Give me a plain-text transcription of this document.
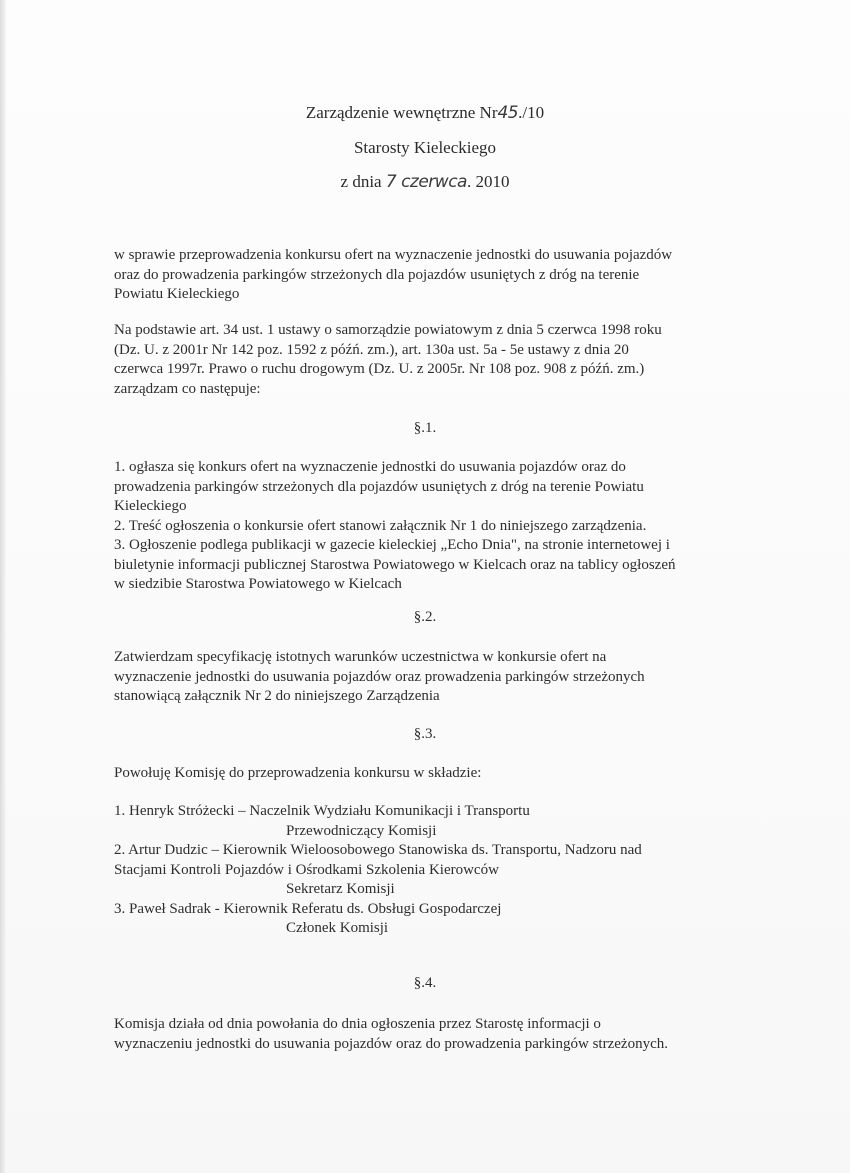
Zarządzenie wewnętrzne Nr45./10
Starosty Kieleckiego
z dnia 7 czerwca. 2010
w sprawie przeprowadzenia konkursu ofert na wyznaczenie jednostki do usuwania pojazdów
oraz do prowadzenia parkingów strzeżonych dla pojazdów usuniętych z dróg na terenie
Powiatu Kieleckiego
Na podstawie art. 34 ust. 1 ustawy o samorządzie powiatowym z dnia 5 czerwca 1998 roku
(Dz. U. z 2001r Nr 142 poz. 1592 z późń. zm.), art. 130a ust. 5a - 5e ustawy z dnia 20
czerwca 1997r. Prawo o ruchu drogowym (Dz. U. z 2005r. Nr 108 poz. 908 z późń. zm.)
zarządzam co następuje:
§.1.
1. ogłasza się konkurs ofert na wyznaczenie jednostki do usuwania pojazdów oraz do
prowadzenia parkingów strzeżonych dla pojazdów usuniętych z dróg na terenie Powiatu
Kieleckiego
2. Treść ogłoszenia o konkursie ofert stanowi załącznik Nr 1 do niniejszego zarządzenia.
3. Ogłoszenie podlega publikacji w gazecie kieleckiej „Echo Dnia", na stronie internetowej i
biuletynie informacji publicznej Starostwa Powiatowego w Kielcach oraz na tablicy ogłoszeń
w siedzibie Starostwa Powiatowego w Kielcach
§.2.
Zatwierdzam specyfikację istotnych warunków uczestnictwa w konkursie ofert na
wyznaczenie jednostki do usuwania pojazdów oraz prowadzenia parkingów strzeżonych
stanowiącą załącznik Nr 2 do niniejszego Zarządzenia
§.3.
Powołuję Komisję do przeprowadzenia konkursu w składzie:
1. Henryk Stróżecki – Naczelnik Wydziału Komunikacji i Transportu
Przewodniczący Komisji
2. Artur Dudzic – Kierownik Wieloosobowego Stanowiska ds. Transportu, Nadzoru nad
Stacjami Kontroli Pojazdów i Ośrodkami Szkolenia Kierowców
Sekretarz Komisji
3. Paweł Sadrak - Kierownik Referatu ds. Obsługi Gospodarczej
Członek Komisji
§.4.
Komisja działa od dnia powołania do dnia ogłoszenia przez Starostę informacji o
wyznaczeniu jednostki do usuwania pojazdów oraz do prowadzenia parkingów strzeżonych.
